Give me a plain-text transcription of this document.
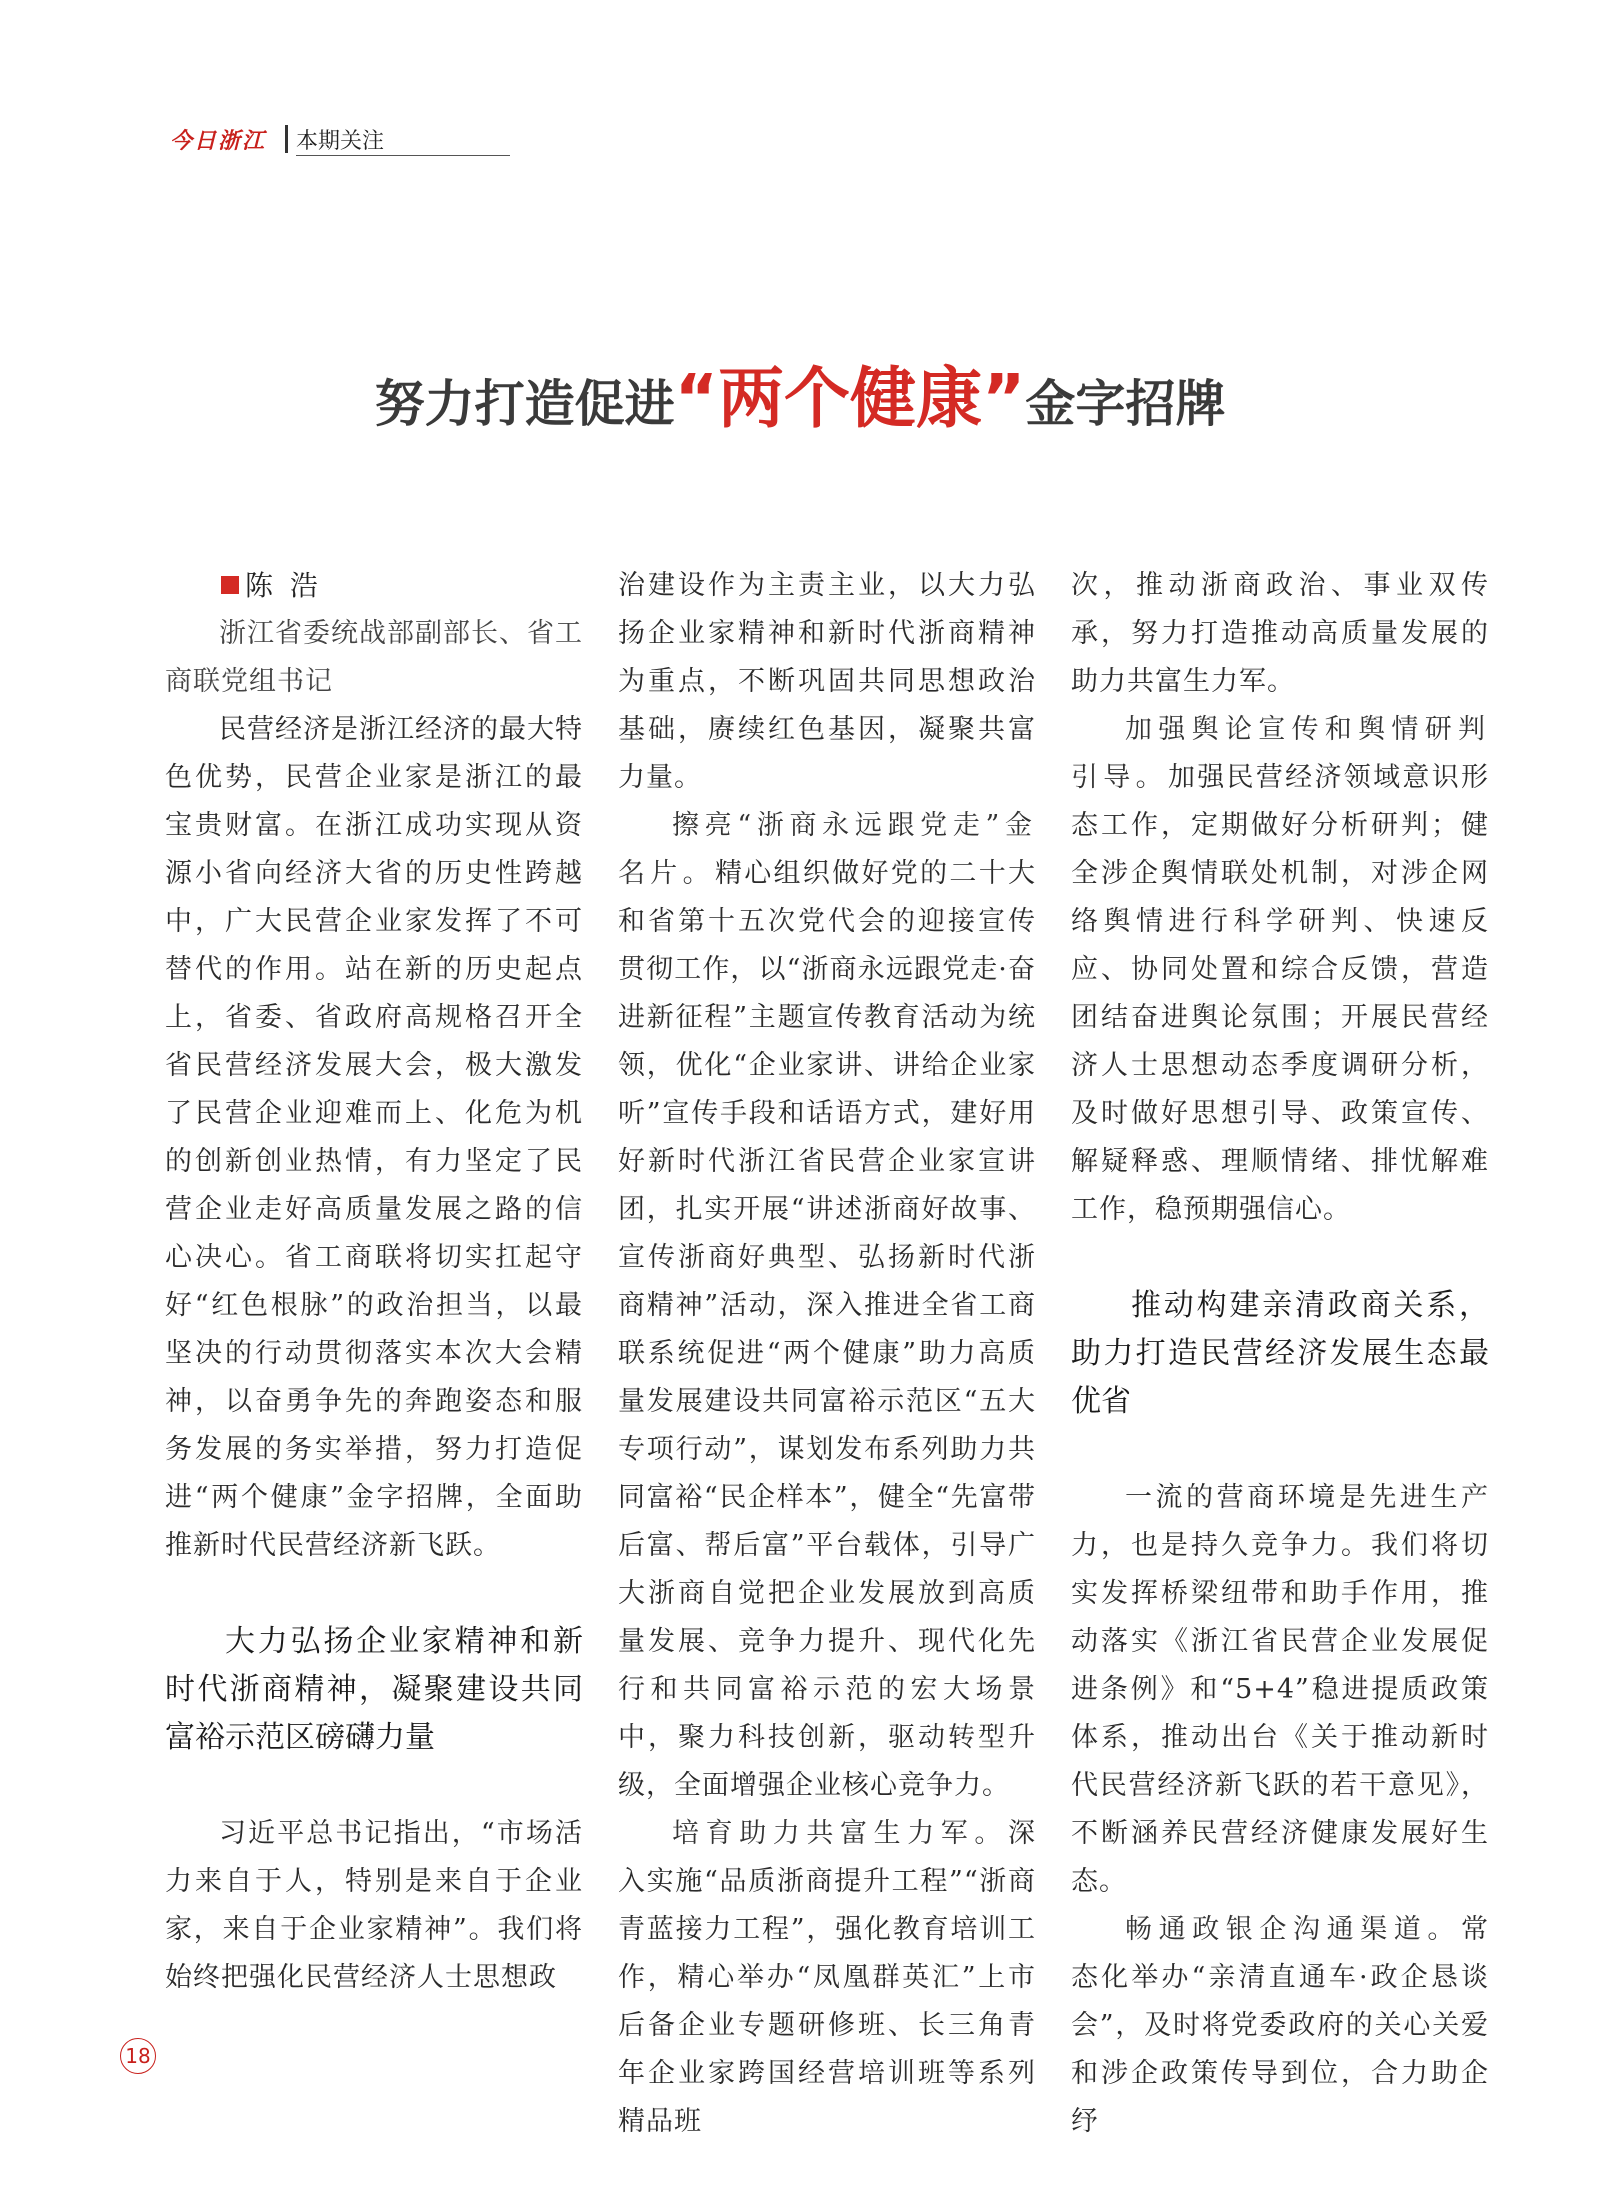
今日浙江 本期关注
努力打造促进“两个健康”金字招牌

陈 浩

浙江省委统战部副部长、省工商联党组书记

民营经济是浙江经济的最大特色优势，民营企业家是浙江的最宝贵财富。在浙江成功实现从资源小省向经济大省的历史性跨越中，广大民营企业家发挥了不可替代的作用。站在新的历史起点上，省委、省政府高规格召开全省民营经济发展大会，极大激发了民营企业迎难而上、化危为机的创新创业热情，有力坚定了民营企业走好高质量发展之路的信心决心。省工商联将切实扛起守好“红色根脉”的政治担当，以最坚决的行动贯彻落实本次大会精神，以奋勇争先的奔跑姿态和服务发展的务实举措，努力打造促进“两个健康”金字招牌，全面助推新时代民营经济新飞跃。

大力弘扬企业家精神和新时代浙商精神，凝聚建设共同富裕示范区磅礴力量

习近平总书记指出，“市场活力来自于人，特别是来自于企业家，来自于企业家精神”。我们将始终把强化民营经济人士思想政

治建设作为主责主业，以大力弘扬企业家精神和新时代浙商精神为重点，不断巩固共同思想政治基础，赓续红色基因，凝聚共富力量。

擦亮“浙商永远跟党走”金名片。精心组织做好党的二十大和省第十五次党代会的迎接宣传贯彻工作，以“浙商永远跟党走·奋进新征程”主题宣传教育活动为统领，优化“企业家讲、讲给企业家听”宣传手段和话语方式，建好用好新时代浙江省民营企业家宣讲团，扎实开展“讲述浙商好故事、宣传浙商好典型、弘扬新时代浙商精神”活动，深入推进全省工商联系统促进“两个健康”助力高质量发展建设共同富裕示范区“五大专项行动”，谋划发布系列助力共同富裕“民企样本”，健全“先富带后富、帮后富”平台载体，引导广大浙商自觉把企业发展放到高质量发展、竞争力提升、现代化先行和共同富裕示范的宏大场景中，聚力科技创新，驱动转型升级，全面增强企业核心竞争力。

培育助力共富生力军。深入实施“品质浙商提升工程”“浙商青蓝接力工程”，强化教育培训工作，精心举办“凤凰群英汇”上市后备企业专题研修班、长三角青年企业家跨国经营培训班等系列精品班

次，推动浙商政治、事业双传承，努力打造推动高质量发展的助力共富生力军。

加强舆论宣传和舆情研判引导。加强民营经济领域意识形态工作，定期做好分析研判；健全涉企舆情联处机制，对涉企网络舆情进行科学研判、快速反应、协同处置和综合反馈，营造团结奋进舆论氛围；开展民营经济人士思想动态季度调研分析，及时做好思想引导、政策宣传、解疑释惑、理顺情绪、排忧解难工作，稳预期强信心。

推动构建亲清政商关系，助力打造民营经济发展生态最优省

一流的营商环境是先进生产力，也是持久竞争力。我们将切实发挥桥梁纽带和助手作用，推动落实《浙江省民营企业发展促进条例》和“5+4”稳进提质政策体系，推动出台《关于推动新时代民营经济新飞跃的若干意见》，不断涵养民营经济健康发展好生态。

畅通政银企沟通渠道。常态化举办“亲清直通车·政企恳谈会”，及时将党委政府的关心关爱和涉企政策传导到位，合力助企纾

18
